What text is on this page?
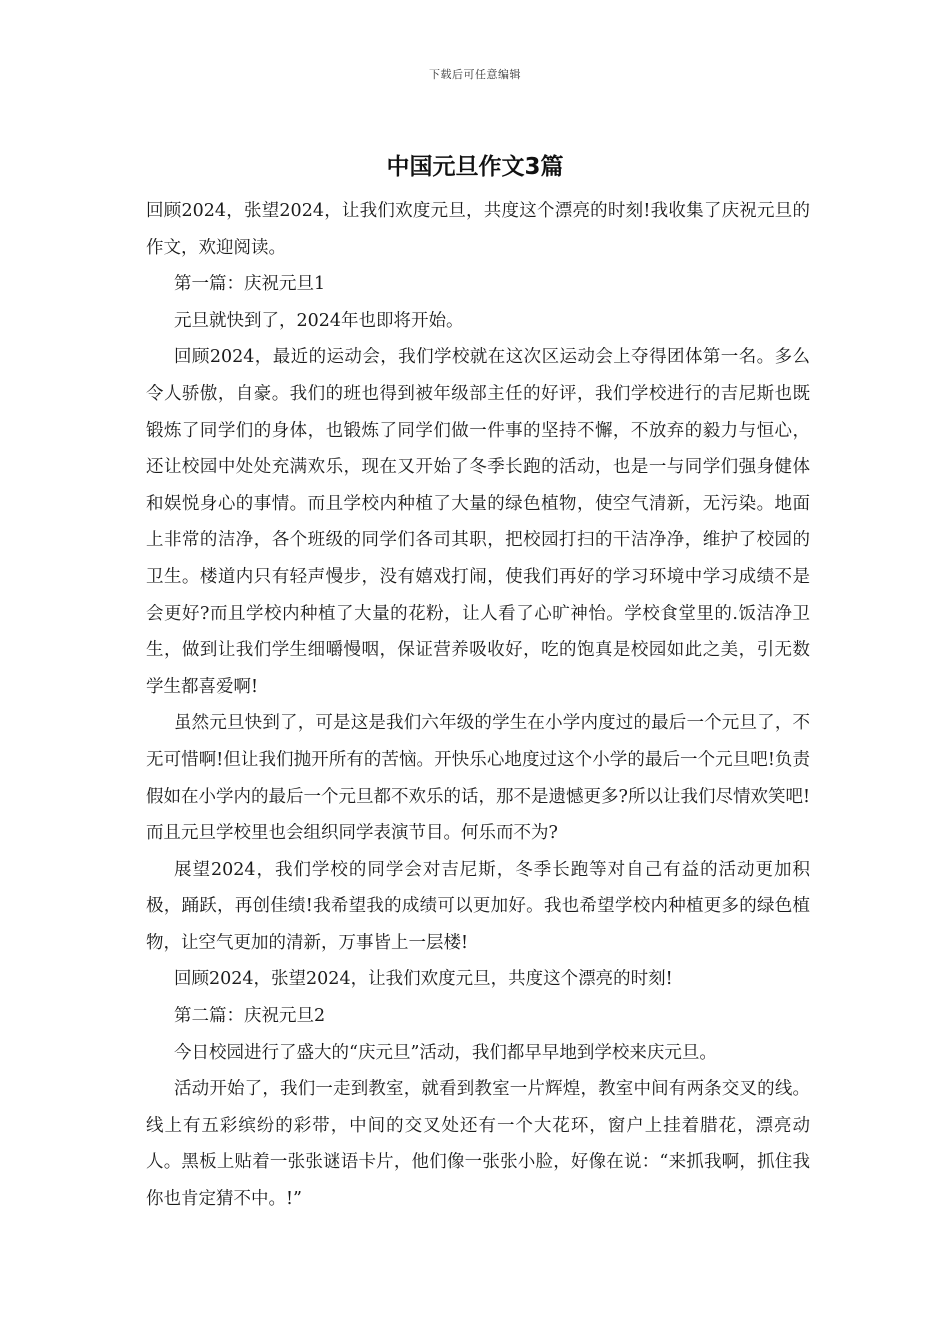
下载后可任意编辑
中国元旦作文3篇

回顾2024，张望2024，让我们欢度元旦，共度这个漂亮的时刻!我收集了庆祝元旦的作文，欢迎阅读。

第一篇：庆祝元旦1

元旦就快到了，2024年也即将开始。

回顾2024，最近的运动会，我们学校就在这次区运动会上夺得团体第一名。多么令人骄傲，自豪。我们的班也得到被年级部主任的好评，我们学校进行的吉尼斯也既锻炼了同学们的身体，也锻炼了同学们做一件事的坚持不懈，不放弃的毅力与恒心，还让校园中处处充满欢乐，现在又开始了冬季长跑的活动，也是一与同学们强身健体和娱悦身心的事情。而且学校内种植了大量的绿色植物，使空气清新，无污染。地面上非常的洁净，各个班级的同学们各司其职，把校园打扫的干洁净净，维护了校园的卫生。楼道内只有轻声慢步，没有嬉戏打闹，使我们再好的学习环境中学习成绩不是会更好?而且学校内种植了大量的花粉，让人看了心旷神怡。学校食堂里的.饭洁净卫生，做到让我们学生细嚼慢咽，保证营养吸收好，吃的饱真是校园如此之美，引无数学生都喜爱啊!

虽然元旦快到了，可是这是我们六年级的学生在小学内度过的最后一个元旦了，不无可惜啊!但让我们抛开所有的苦恼。开快乐心地度过这个小学的最后一个元旦吧!负责假如在小学内的最后一个元旦都不欢乐的话，那不是遗憾更多?所以让我们尽情欢笑吧!而且元旦学校里也会组织同学表演节目。何乐而不为?

展望2024，我们学校的同学会对吉尼斯，冬季长跑等对自己有益的活动更加积极，踊跃，再创佳绩!我希望我的成绩可以更加好。我也希望学校内种植更多的绿色植物，让空气更加的清新，万事皆上一层楼!

回顾2024，张望2024，让我们欢度元旦，共度这个漂亮的时刻!

第二篇：庆祝元旦2

今日校园进行了盛大的“庆元旦”活动，我们都早早地到学校来庆元旦。

活动开始了，我们一走到教室，就看到教室一片辉煌，教室中间有两条交叉的线。线上有五彩缤纷的彩带，中间的交叉处还有一个大花环，窗户上挂着腊花，漂亮动人。黑板上贴着一张张谜语卡片，他们像一张张小脸，好像在说：“来抓我啊，抓住我你也肯定猜不中。!”
